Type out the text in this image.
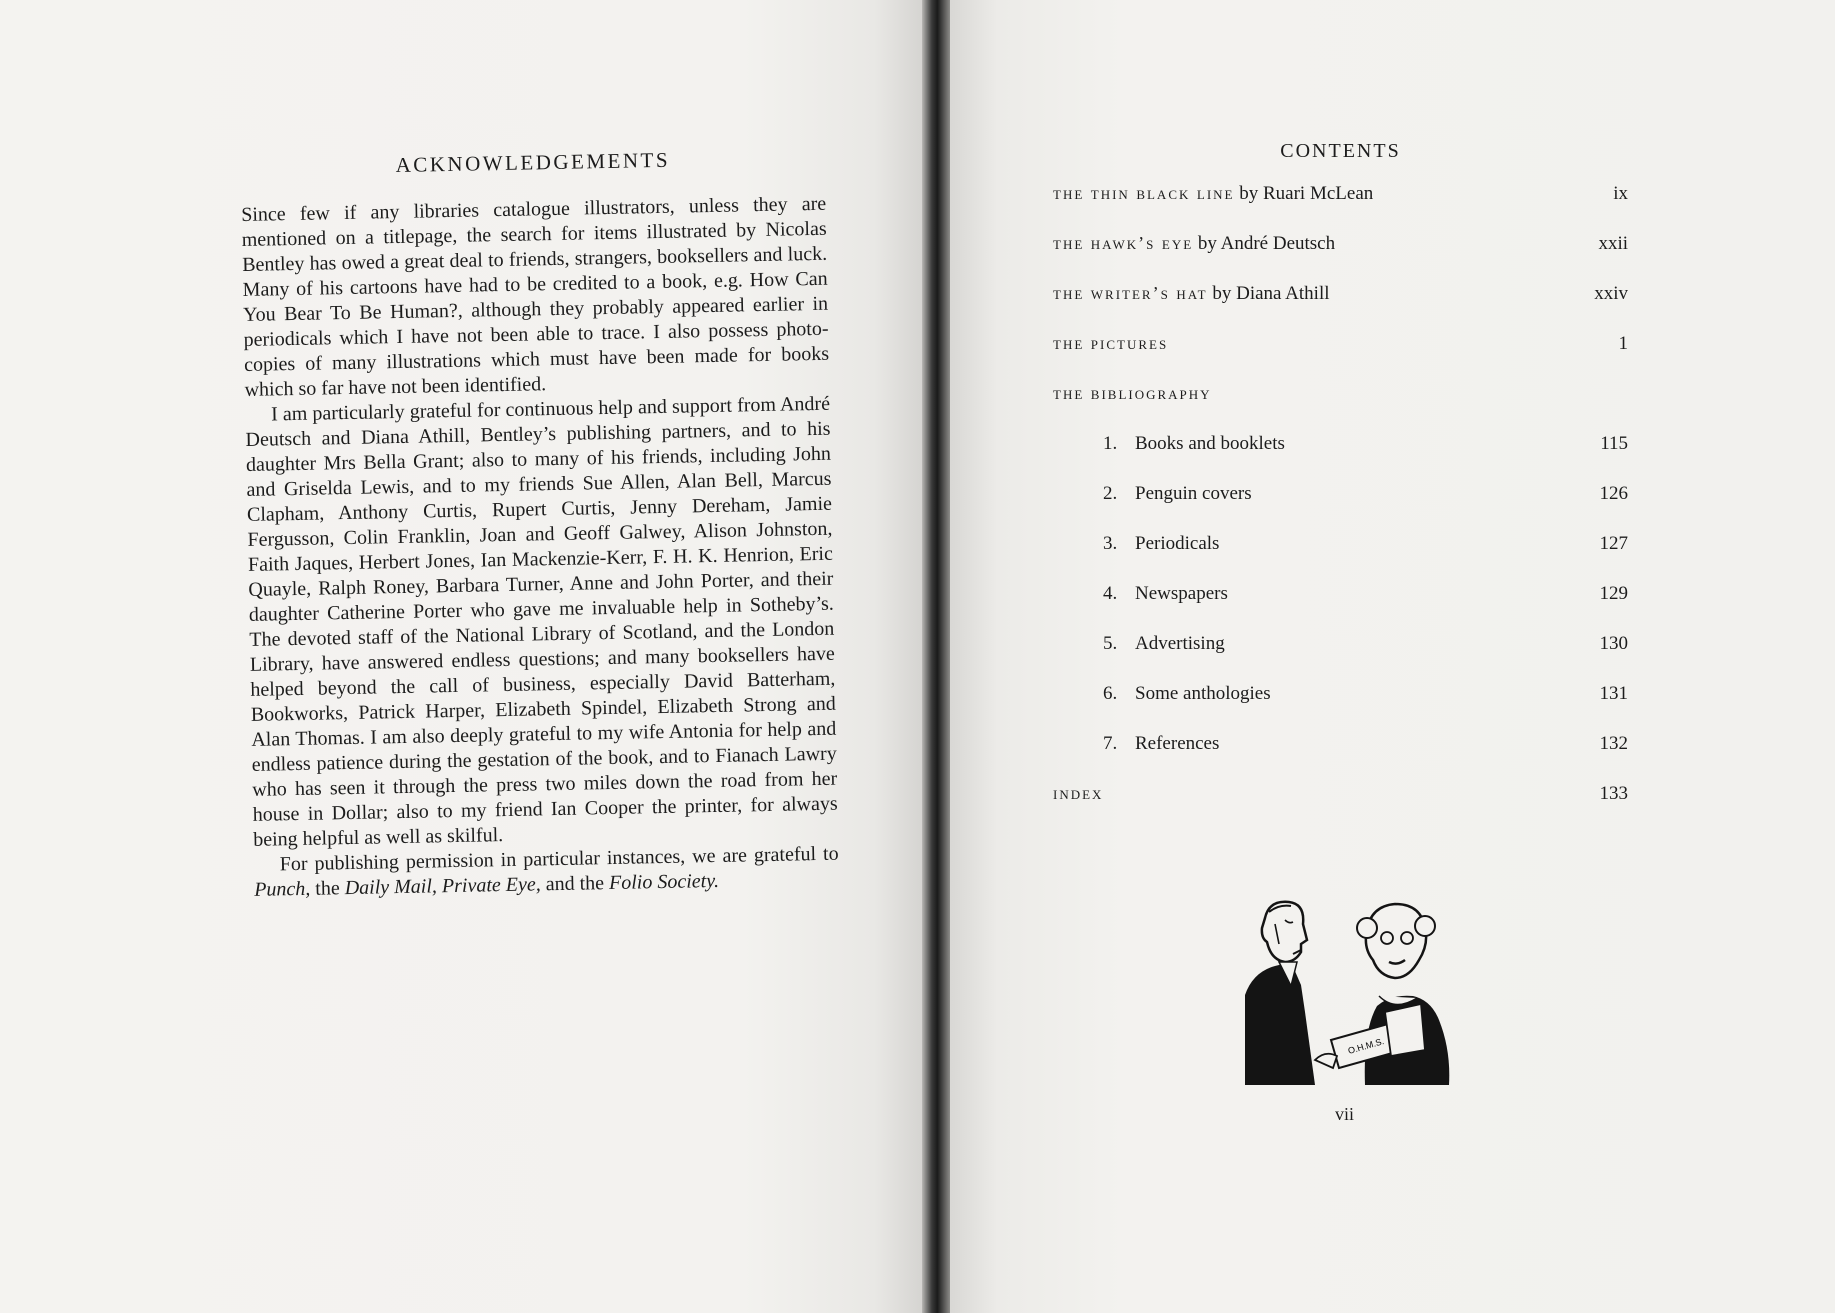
ACKNOWLEDGEMENTS

Since few if any libraries catalogue illustrators, unless they are mentioned on a titlepage, the search for items illustrated by Nicolas Bentley has owed a great deal to friends, strangers, booksellers and luck. Many of his cartoons have had to be credited to a book, e.g. How Can You Bear To Be Human?, although they probably appeared earlier in periodicals which I have not been able to trace. I also possess photo-copies of many illustrations which must have been made for books which so far have not been identified.

I am particularly grateful for continuous help and support from André Deutsch and Diana Athill, Bentley’s publishing partners, and to his daughter Mrs Bella Grant; also to many of his friends, including John and Griselda Lewis, and to my friends Sue Allen, Alan Bell, Marcus Clapham, Anthony Curtis, Rupert Curtis, Jenny Dereham, Jamie Fergusson, Colin Franklin, Joan and Geoff Galwey, Alison Johnston, Faith Jaques, Herbert Jones, Ian Mackenzie-Kerr, F. H. K. Henrion, Eric Quayle, Ralph Roney, Barbara Turner, Anne and John Porter, and their daughter Catherine Porter who gave me invaluable help in Sotheby’s. The devoted staff of the National Library of Scotland, and the London Library, have answered endless questions; and many booksellers have helped beyond the call of business, especially David Batterham, Bookworks, Patrick Harper, Elizabeth Spindel, Elizabeth Strong and Alan Thomas. I am also deeply grateful to my wife Antonia for help and endless patience during the gestation of the book, and to Fianach Lawry who has seen it through the press two miles down the road from her house in Dollar; also to my friend Ian Cooper the printer, for always being helpful as well as skilful.

For publishing permission in particular instances, we are grateful to Punch, the Daily Mail, Private Eye, and the Folio Society.

CONTENTS
the thin black line by Ruari McLean	ix
the hawk’s eye by André Deutsch	xxii
the writer’s hat by Diana Athill	xxiv
the pictures	1
the bibliography
1. Books and booklets	115
2. Penguin covers	126
3. Periodicals	127
4. Newspapers	129
5. Advertising	130
6. Some anthologies	131
7. References	132
index	133
O.H.M.S.
vii
